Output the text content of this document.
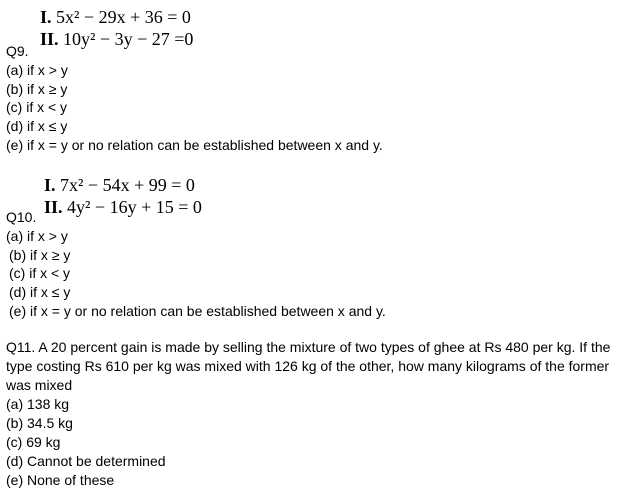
I. 5x² − 29x + 36 = 0
II. 10y² − 3y − 27 =0
Q9.
(a) if x > y
(b) if x ≥ y
(c) if x < y
(d) if x ≤ y
(e) if x = y or no relation can be established between x and y.
I. 7x² − 54x + 99 = 0
II. 4y² − 16y + 15 = 0
Q10.
(a) if x > y
(b) if x ≥ y
(c) if x < y
(d) if x ≤ y
(e) if x = y or no relation can be established between x and y.
Q11. A 20 percent gain is made by selling the mixture of two types of ghee at Rs 480 per kg. If the type costing Rs 610 per kg was mixed with 126 kg of the other, how many kilograms of the former was mixed
(a) 138 kg
(b) 34.5 kg
(c) 69 kg
(d) Cannot be determined
(e) None of these
